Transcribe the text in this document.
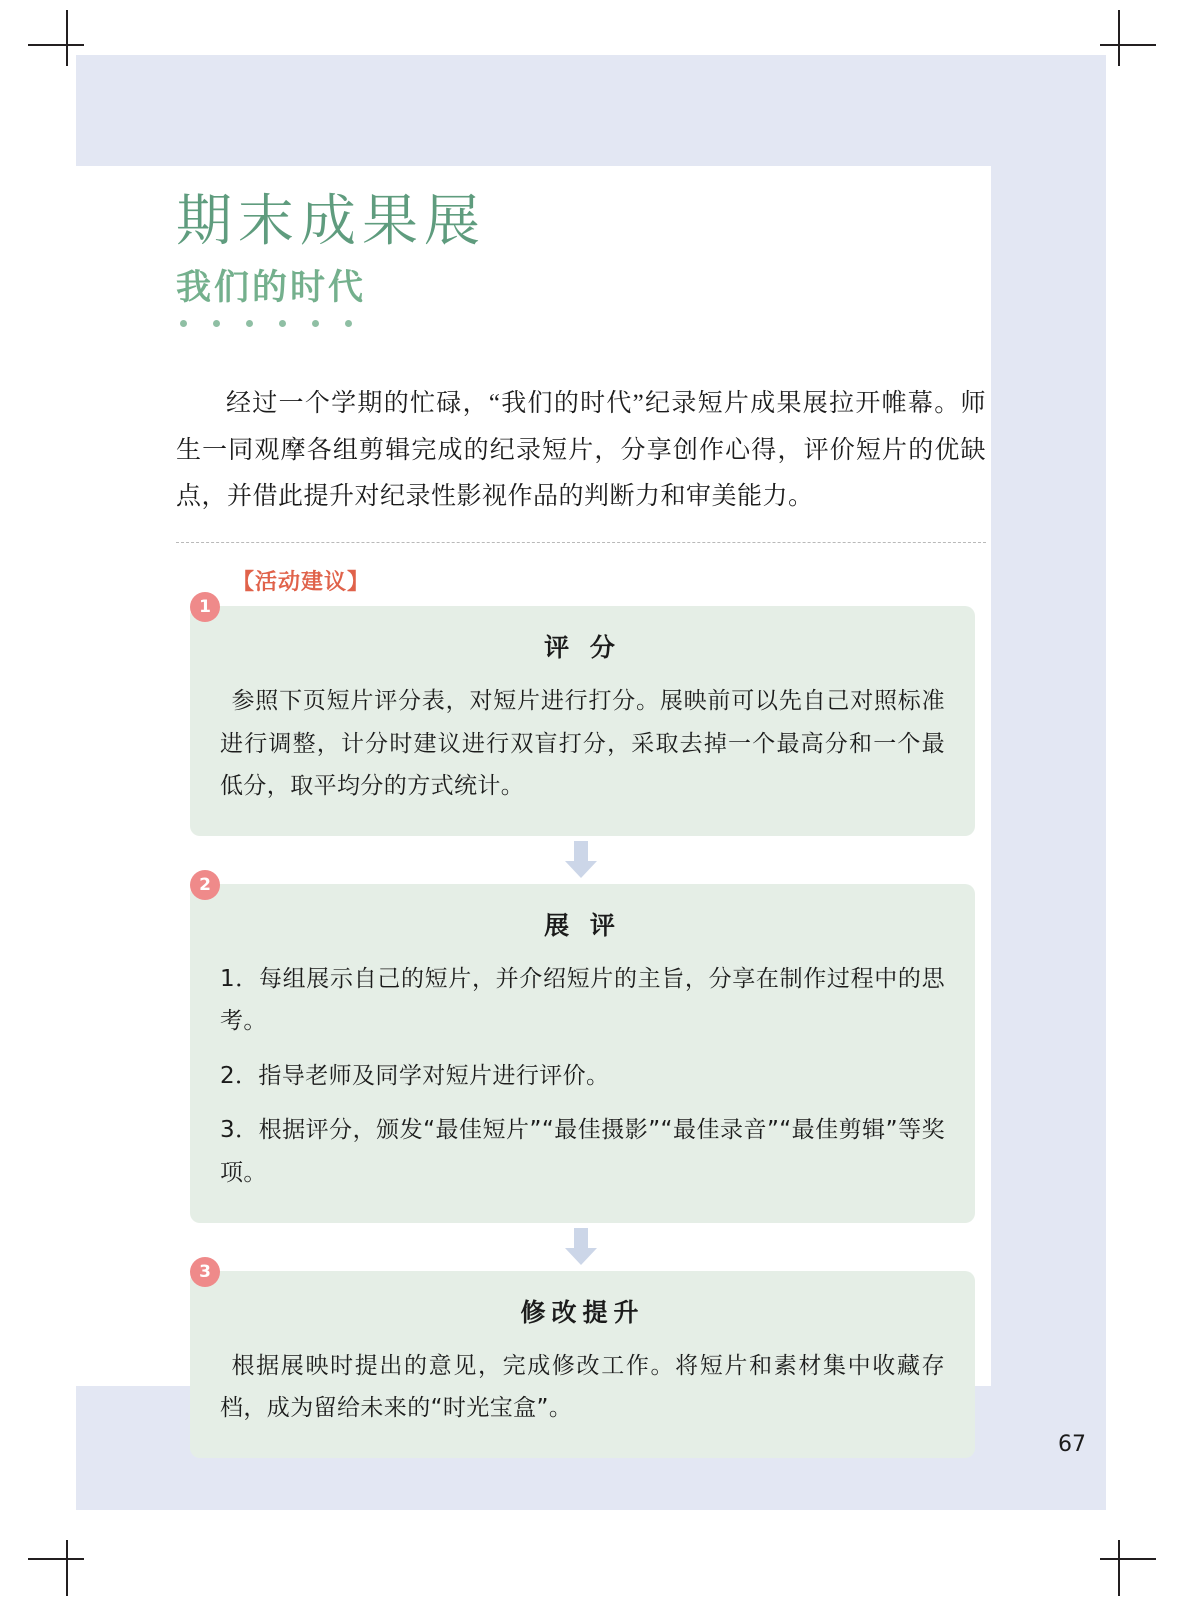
期末成果展
我们的时代
经过一个学期的忙碌，“我们的时代”纪录短片成果展拉开帷幕。师生一同观摩各组剪辑完成的纪录短片，分享创作心得，评价短片的优缺点，并借此提升对纪录性影视作品的判断力和审美能力。
【活动建议】
1
评 分

参照下页短片评分表，对短片进行打分。展映前可以先自己对照标准进行调整，计分时建议进行双盲打分，采取去掉一个最高分和一个最低分，取平均分的方式统计。

2
展 评

1．每组展示自己的短片，并介绍短片的主旨，分享在制作过程中的思考。

2．指导老师及同学对短片进行评价。

3．根据评分，颁发“最佳短片”“最佳摄影”“最佳录音”“最佳剪辑”等奖项。

3
修改提升

根据展映时提出的意见，完成修改工作。将短片和素材集中收藏存档，成为留给未来的“时光宝盒”。

67
